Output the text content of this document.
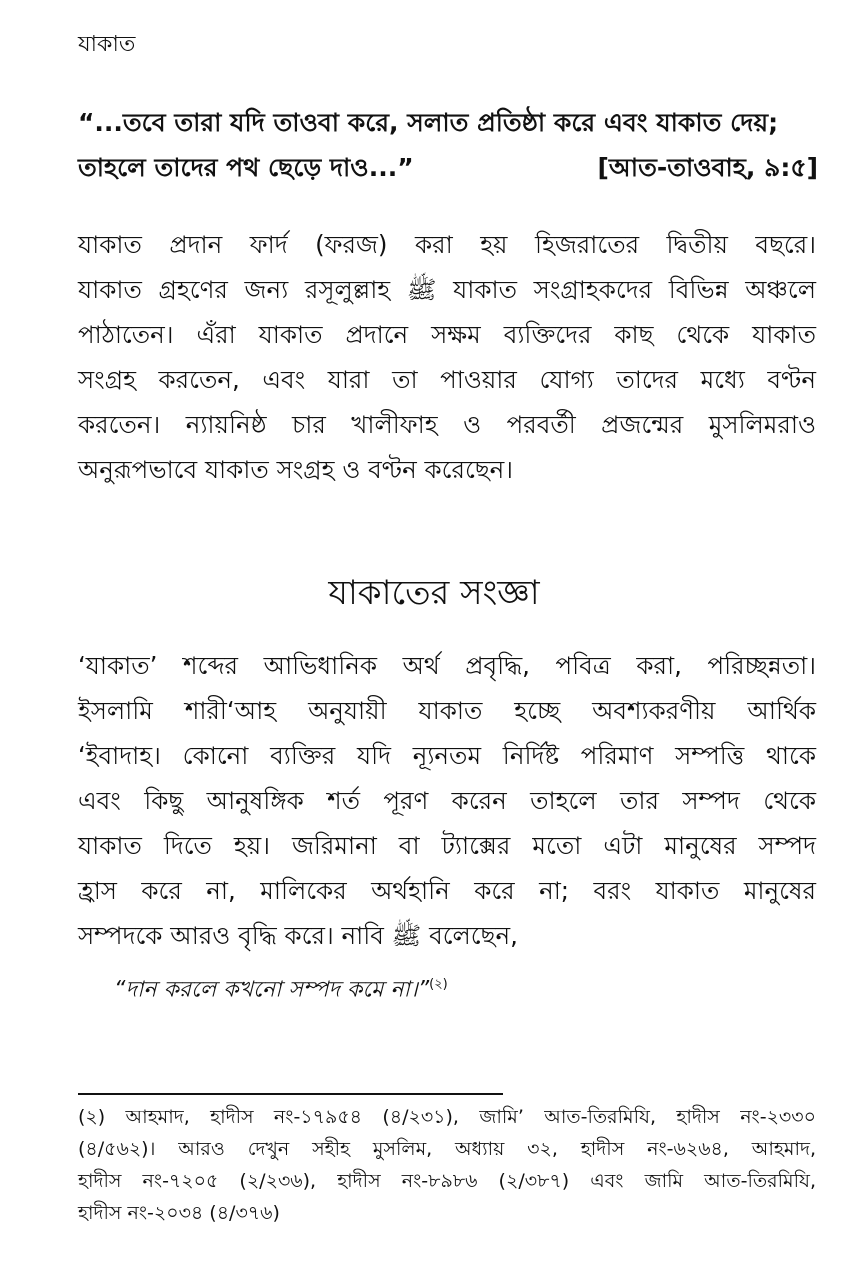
যাকাত
“...তবে তারা যদি তাওবা করে, সলাত প্রতিষ্ঠা করে এবং যাকাত দেয়;
তাহলে তাদের পথ ছেড়ে দাও...”	[আত-তাওবাহ, ৯:৫]
যাকাত প্রদান ফার্দ (ফরজ) করা হয় হিজরাতের দ্বিতীয় বছরে।
যাকাত গ্রহণের জন্য রসূলুল্লাহ ﷺ যাকাত সংগ্রাহকদের বিভিন্ন অঞ্চলে
পাঠাতেন। এঁরা যাকাত প্রদানে সক্ষম ব্যক্তিদের কাছ থেকে যাকাত
সংগ্রহ করতেন, এবং যারা তা পাওয়ার যোগ্য তাদের মধ্যে বণ্টন
করতেন। ন্যায়নিষ্ঠ চার খালীফাহ ও পরবর্তী প্রজন্মের মুসলিমরাও
অনুরূপভাবে যাকাত সংগ্রহ ও বণ্টন করেছেন।
যাকাতের সংজ্ঞা
‘যাকাত’ শব্দের আভিধানিক অর্থ প্রবৃদ্ধি, পবিত্র করা, পরিচ্ছন্নতা।
ইসলামি শারী‘আহ অনুযায়ী যাকাত হচ্ছে অবশ্যকরণীয় আর্থিক
‘ইবাদাহ। কোনো ব্যক্তির যদি ন্যূনতম নির্দিষ্ট পরিমাণ সম্পত্তি থাকে
এবং কিছু আনুষঙ্গিক শর্ত পূরণ করেন তাহলে তার সম্পদ থেকে
যাকাত দিতে হয়। জরিমানা বা ট্যাক্সের মতো এটা মানুষের সম্পদ
হ্রাস করে না, মালিকের অর্থহানি করে না; বরং যাকাত মানুষের
সম্পদকে আরও বৃদ্ধি করে। নাবি ﷺ বলেছেন,
“দান করলে কখনো সম্পদ কমে না।”$^{(২)}$
(২) আহমাদ, হাদীস নং-১৭৯৫৪ (৪/২৩১), জামি’ আত-তিরমিযি, হাদীস নং-২৩৩০
(৪/৫৬২)। আরও দেখুন সহীহ মুসলিম, অধ্যায় ৩২, হাদীস নং-৬২৬৪, আহমাদ,
হাদীস নং-৭২০৫ (২/২৩৬), হাদীস নং-৮৯৮৬ (২/৩৮৭) এবং জামি আত-তিরমিযি,
হাদীস নং-২০৩৪ (৪/৩৭৬)
